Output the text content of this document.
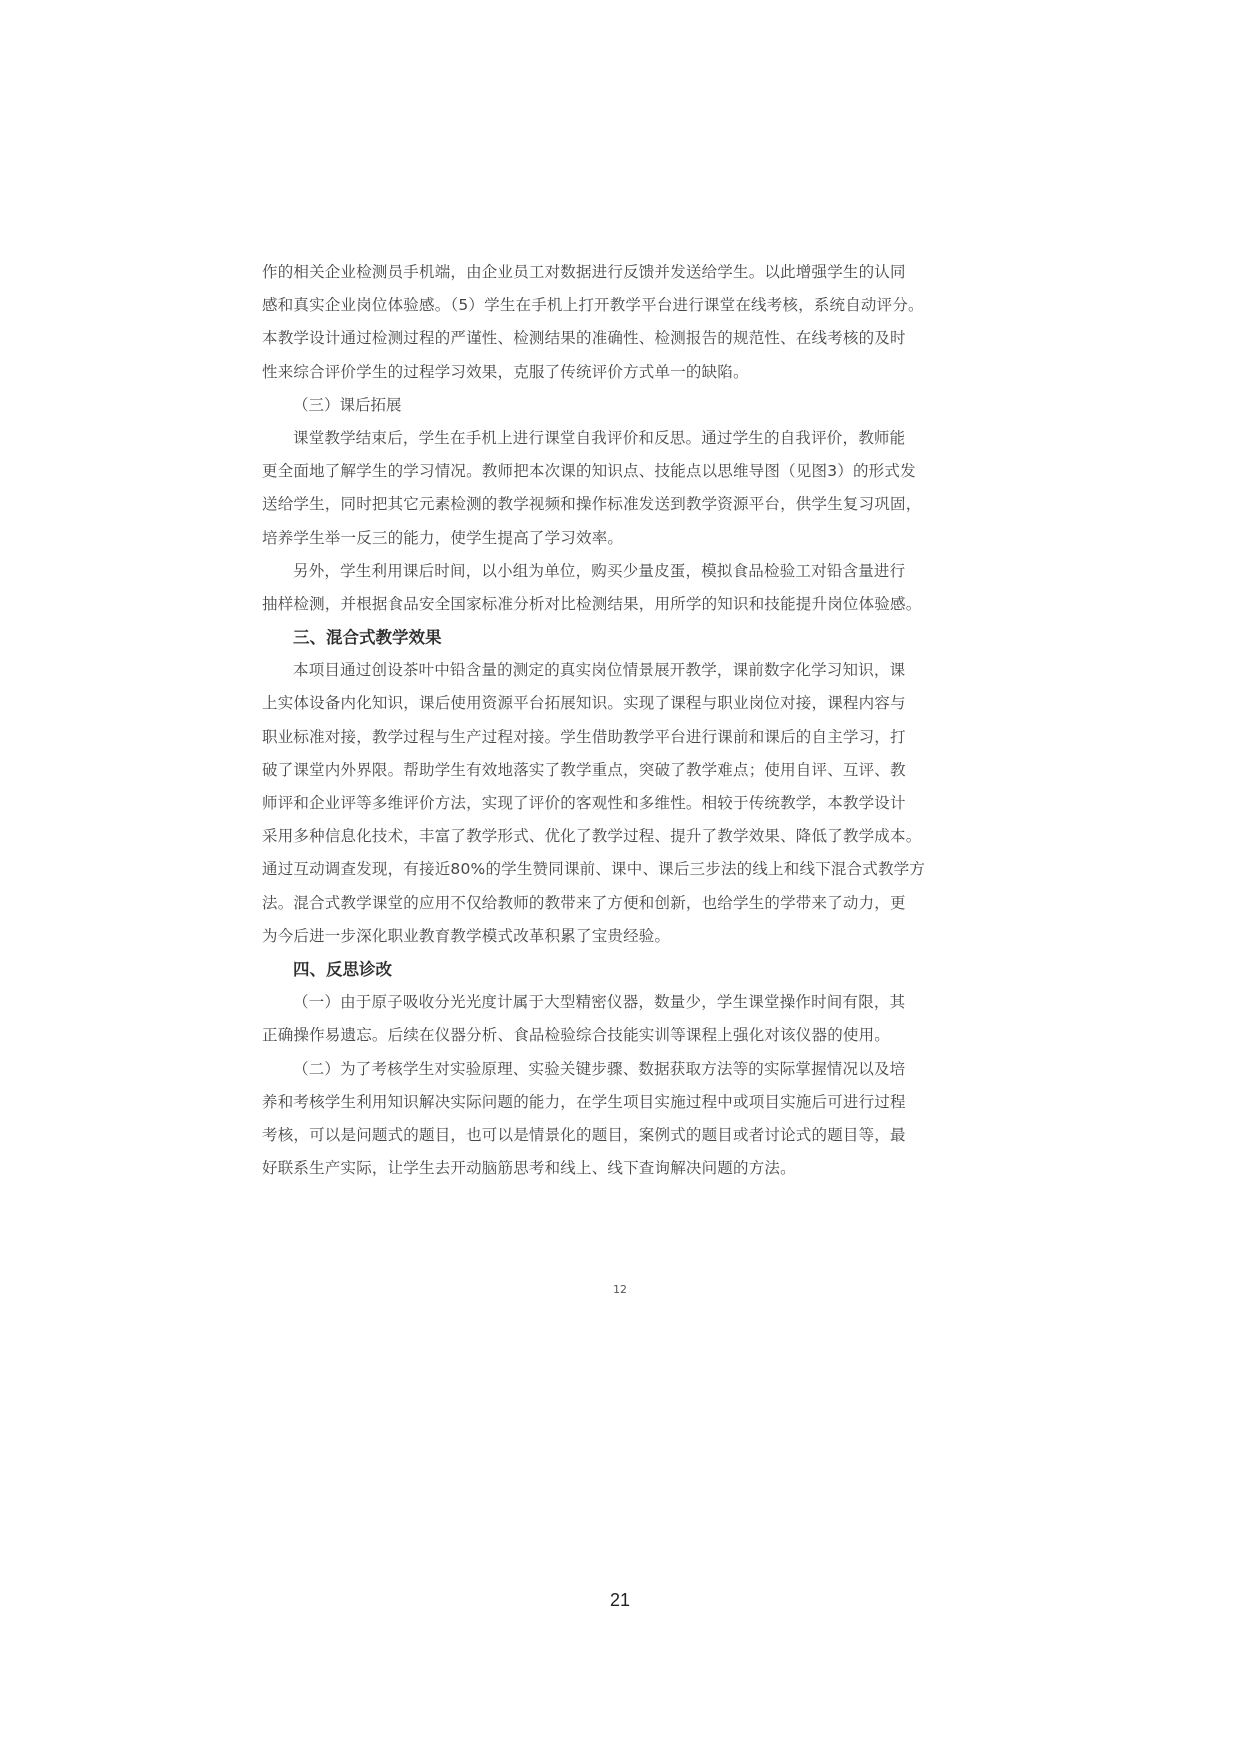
作的相关企业检测员手机端，由企业员工对数据进行反馈并发送给学生。以此增强学生的认同
感和真实企业岗位体验感。（5）学生在手机上打开教学平台进行课堂在线考核，系统自动评分。
本教学设计通过检测过程的严谨性、检测结果的准确性、检测报告的规范性、在线考核的及时
性来综合评价学生的过程学习效果，克服了传统评价方式单一的缺陷。
（三）课后拓展
课堂教学结束后，学生在手机上进行课堂自我评价和反思。通过学生的自我评价，教师能
更全面地了解学生的学习情况。教师把本次课的知识点、技能点以思维导图（见图3）的形式发
送给学生，同时把其它元素检测的教学视频和操作标准发送到教学资源平台，供学生复习巩固，
培养学生举一反三的能力，使学生提高了学习效率。
另外，学生利用课后时间，以小组为单位，购买少量皮蛋，模拟食品检验工对铅含量进行
抽样检测，并根据食品安全国家标准分析对比检测结果，用所学的知识和技能提升岗位体验感。
三、混合式教学效果
本项目通过创设茶叶中铅含量的测定的真实岗位情景展开教学，课前数字化学习知识，课
上实体设备内化知识，课后使用资源平台拓展知识。实现了课程与职业岗位对接，课程内容与
职业标准对接，教学过程与生产过程对接。学生借助教学平台进行课前和课后的自主学习，打
破了课堂内外界限。帮助学生有效地落实了教学重点，突破了教学难点；使用自评、互评、教
师评和企业评等多维评价方法，实现了评价的客观性和多维性。相较于传统教学，本教学设计
采用多种信息化技术，丰富了教学形式、优化了教学过程、提升了教学效果、降低了教学成本。
通过互动调查发现，有接近80%的学生赞同课前、课中、课后三步法的线上和线下混合式教学方
法。混合式教学课堂的应用不仅给教师的教带来了方便和创新，也给学生的学带来了动力，更
为今后进一步深化职业教育教学模式改革积累了宝贵经验。
四、反思诊改
（一）由于原子吸收分光光度计属于大型精密仪器，数量少，学生课堂操作时间有限，其
正确操作易遗忘。后续在仪器分析、食品检验综合技能实训等课程上强化对该仪器的使用。
（二）为了考核学生对实验原理、实验关键步骤、数据获取方法等的实际掌握情况以及培
养和考核学生利用知识解决实际问题的能力，在学生项目实施过程中或项目实施后可进行过程
考核，可以是问题式的题目，也可以是情景化的题目，案例式的题目或者讨论式的题目等，最
好联系生产实际，让学生去开动脑筋思考和线上、线下查询解决问题的方法。
12
21
